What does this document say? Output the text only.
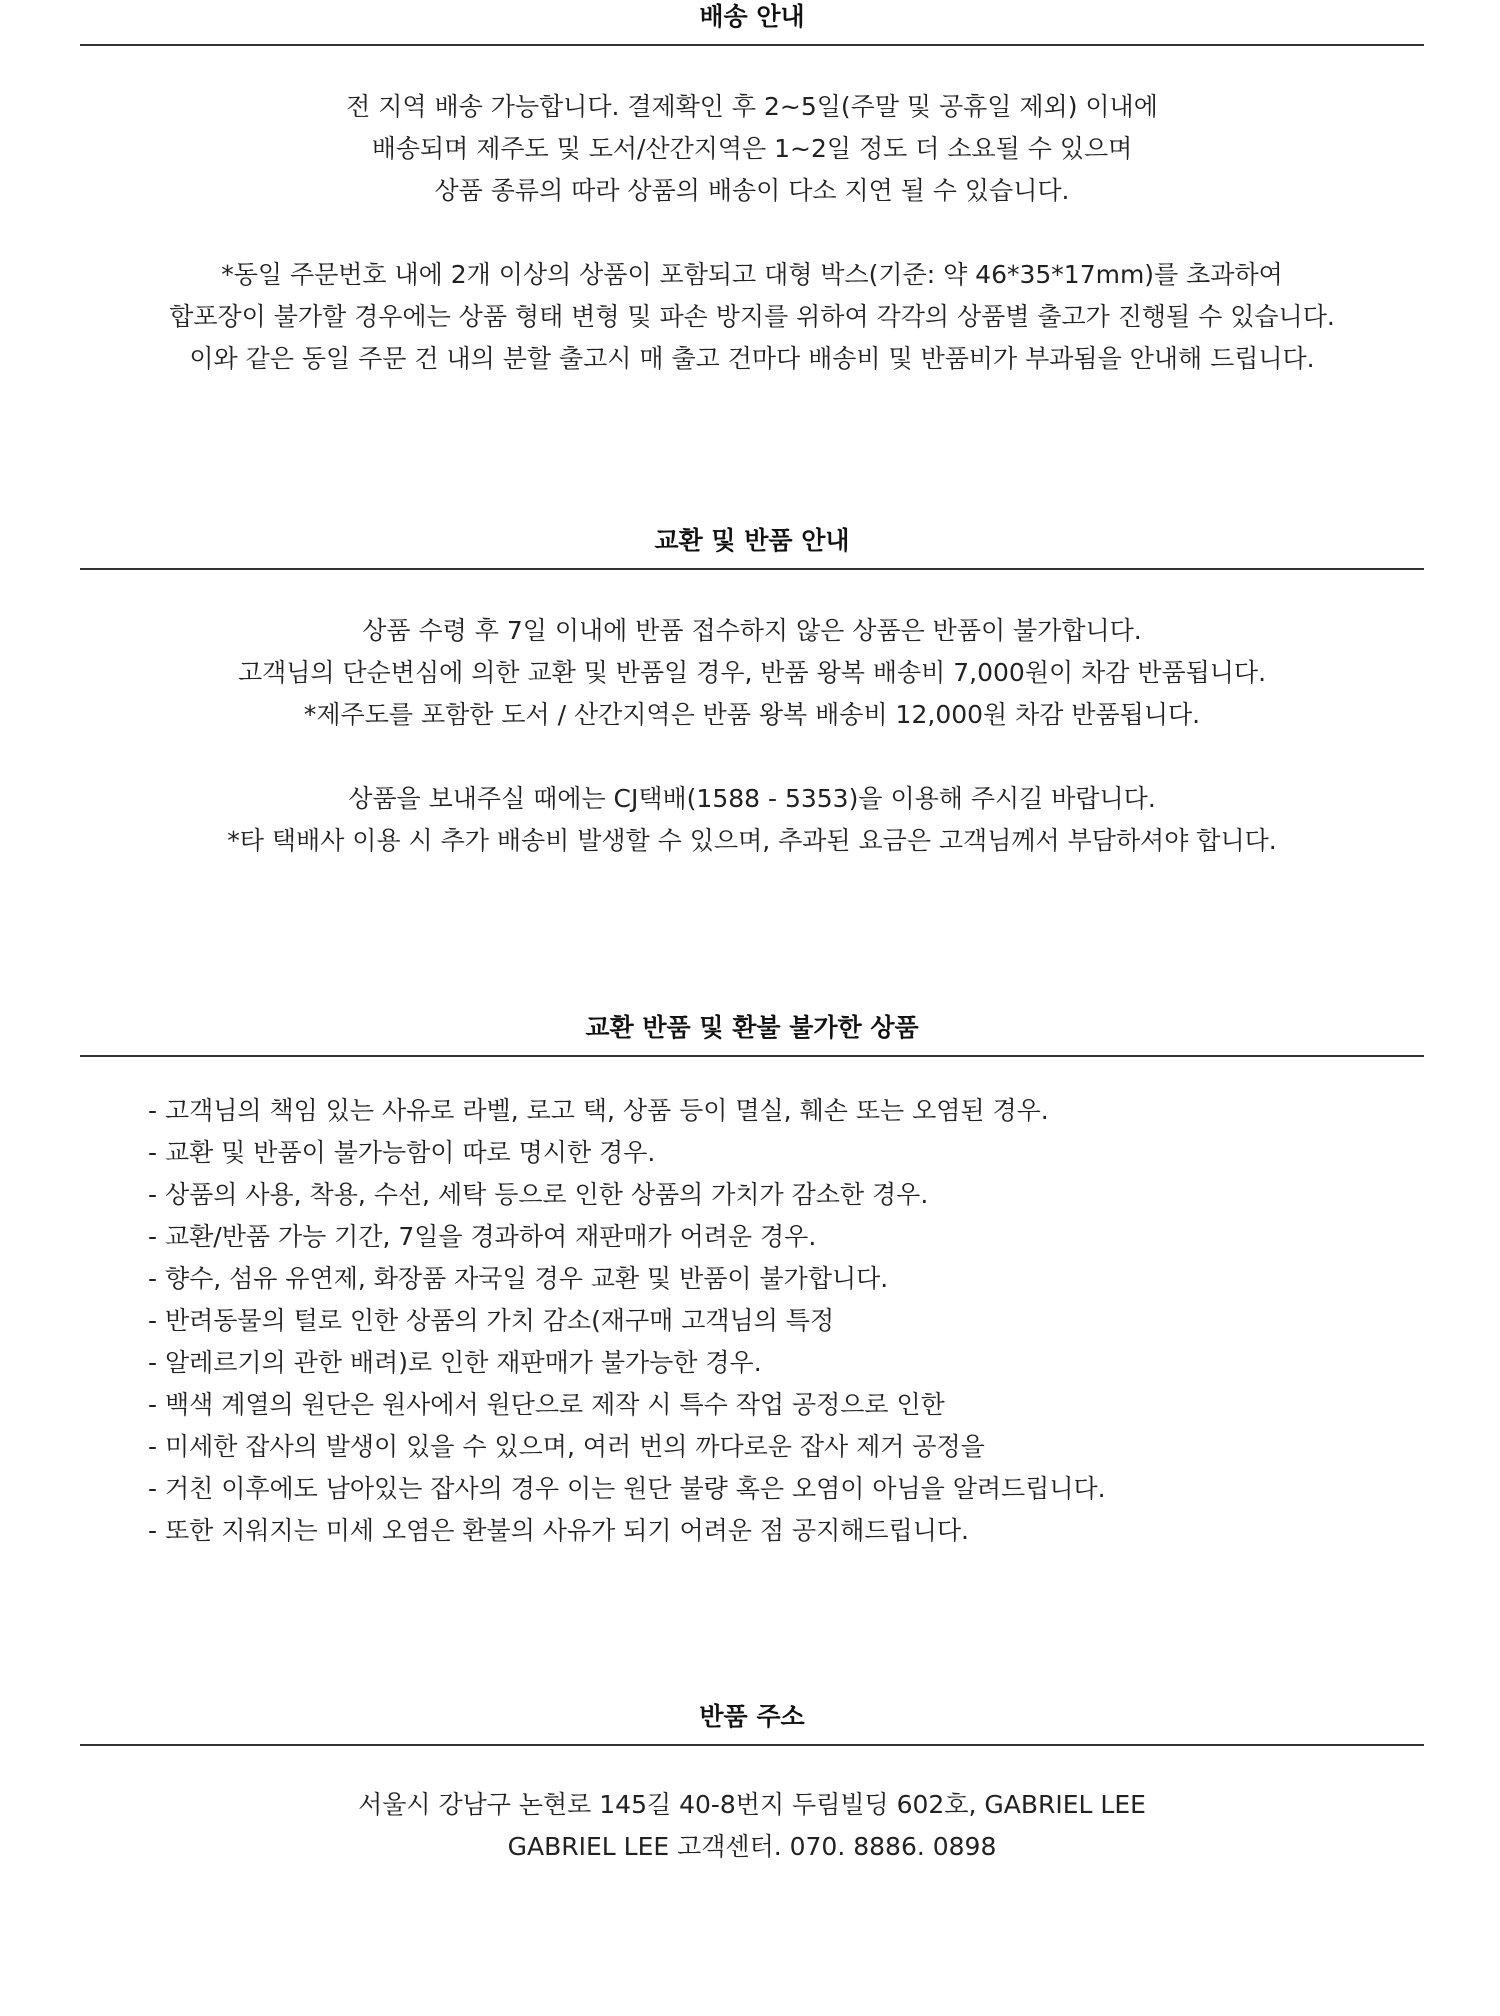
배송 안내

전 지역 배송 가능합니다. 결제확인 후 2~5일(주말 및 공휴일 제외) 이내에

배송되며 제주도 및 도서/산간지역은 1~2일 정도 더 소요될 수 있으며

상품 종류의 따라 상품의 배송이 다소 지연 될 수 있습니다.

*동일 주문번호 내에 2개 이상의 상품이 포함되고 대형 박스(기준: 약 46*35*17mm)를 초과하여

합포장이 불가할 경우에는 상품 형태 변형 및 파손 방지를 위하여 각각의 상품별 출고가 진행될 수 있습니다.

이와 같은 동일 주문 건 내의 분할 출고시 매 출고 건마다 배송비 및 반품비가 부과됨을 안내해 드립니다.

교환 및 반품 안내

상품 수령 후 7일 이내에 반품 접수하지 않은 상품은 반품이 불가합니다.

고객님의 단순변심에 의한 교환 및 반품일 경우, 반품 왕복 배송비 7,000원이 차감 반품됩니다.

*제주도를 포함한 도서 / 산간지역은 반품 왕복 배송비 12,000원 차감 반품됩니다.

상품을 보내주실 때에는 CJ택배(1588 - 5353)을 이용해 주시길 바랍니다.

*타 택배사 이용 시 추가 배송비 발생할 수 있으며, 추과된 요금은 고객님께서 부담하셔야 합니다.

교환 반품 및 환불 불가한 상품
- 고객님의 책임 있는 사유로 라벨, 로고 택, 상품 등이 멸실, 훼손 또는 오염된 경우.
- 교환 및 반품이 불가능함이 따로 명시한 경우.
- 상품의 사용, 착용, 수선, 세탁 등으로 인한 상품의 가치가 감소한 경우.
- 교환/반품 가능 기간, 7일을 경과하여 재판매가 어려운 경우.
- 향수, 섬유 유연제, 화장품 자국일 경우 교환 및 반품이 불가합니다.
- 반려동물의 털로 인한 상품의 가치 감소(재구매 고객님의 특정
- 알레르기의 관한 배려)로 인한 재판매가 불가능한 경우.
- 백색 계열의 원단은 원사에서 원단으로 제작 시 특수 작업 공정으로 인한
- 미세한 잡사의 발생이 있을 수 있으며, 여러 번의 까다로운 잡사 제거 공정을
- 거친 이후에도 남아있는 잡사의 경우 이는 원단 불량 혹은 오염이 아님을 알려드립니다.
- 또한 지워지는 미세 오염은 환불의 사유가 되기 어려운 점 공지해드립니다.
반품 주소

서울시 강남구 논현로 145길 40-8번지 두림빌딩 602호, GABRIEL LEE

GABRIEL LEE 고객센터. 070. 8886. 0898
